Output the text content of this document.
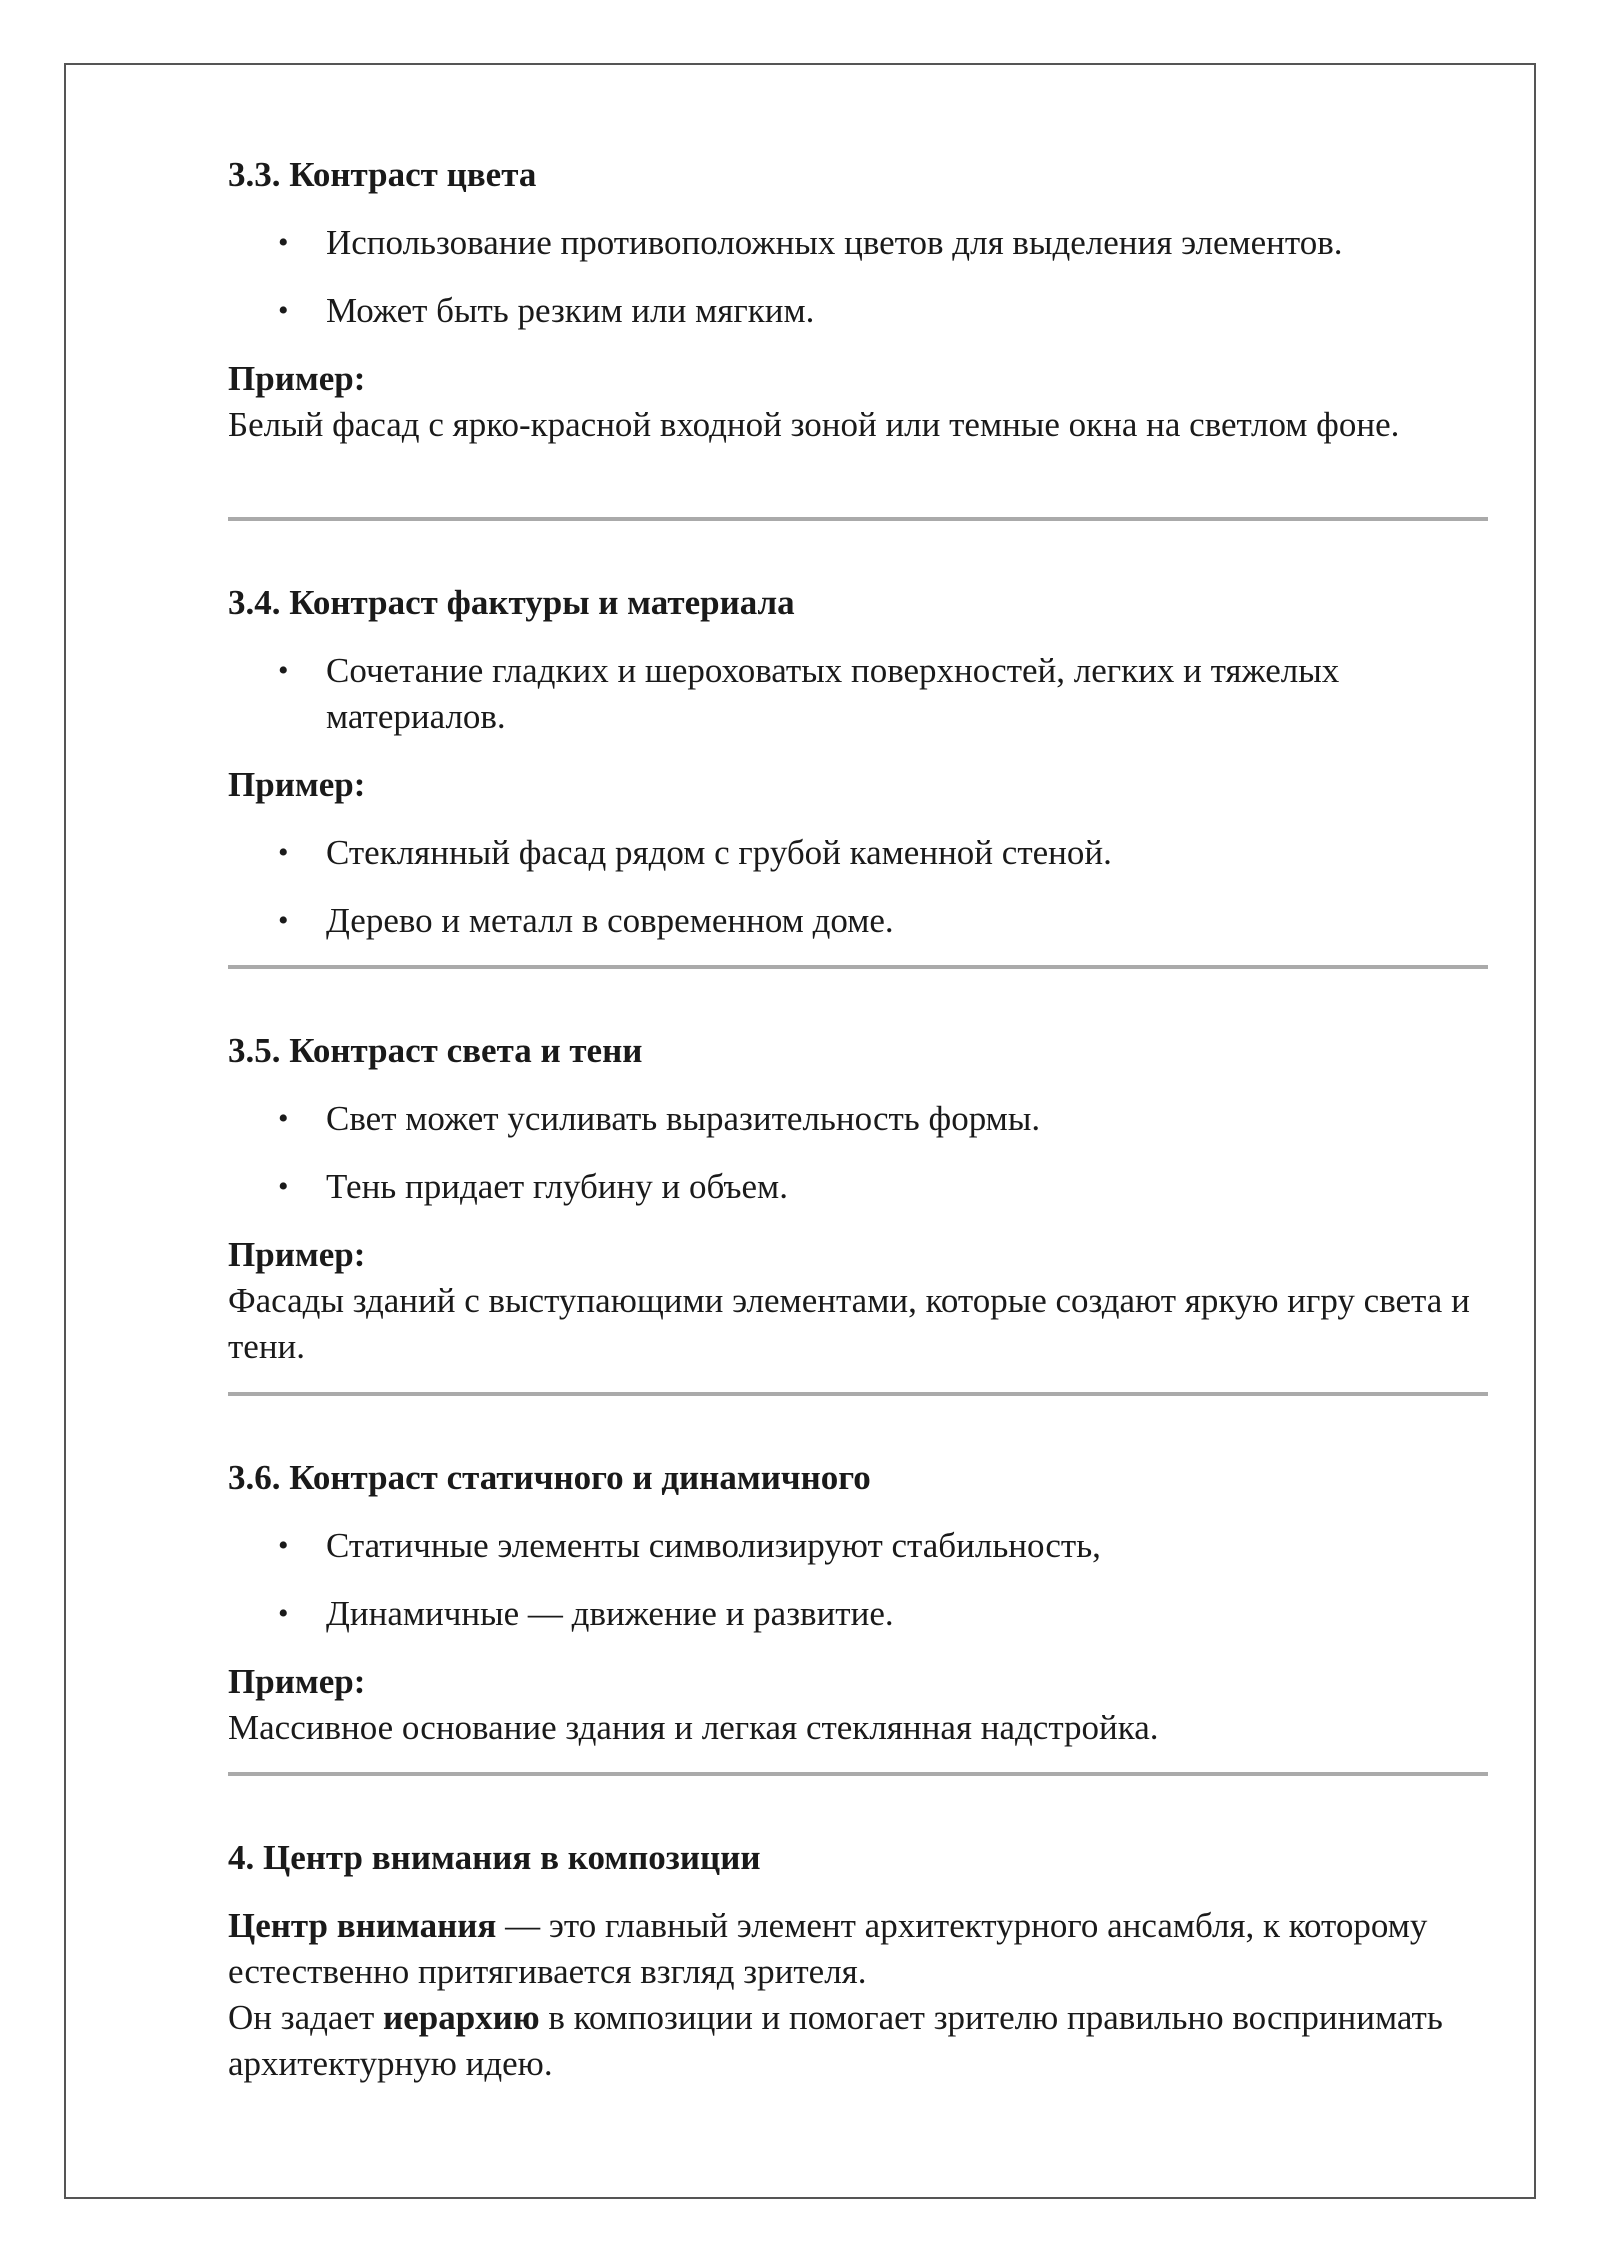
3.3. Контраст цвета
• Использование противоположных цветов для выделения элементов.
• Может быть резким или мягким.
Пример:

Белый фасад с ярко-красной входной зоной или темные окна на светлом фоне.

3.4. Контраст фактуры и материала
• Сочетание гладких и шероховатых поверхностей, легких и тяжелых материалов.
Пример:
• Стеклянный фасад рядом с грубой каменной стеной.
• Дерево и металл в современном доме.
3.5. Контраст света и тени
• Свет может усиливать выразительность формы.
• Тень придает глубину и объем.
Пример:

Фасады зданий с выступающими элементами, которые создают яркую игру света и тени.

3.6. Контраст статичного и динамичного
• Статичные элементы символизируют стабильность,
• Динамичные — движение и развитие.
Пример:

Массивное основание здания и легкая стеклянная надстройка.

4. Центр внимания в композиции

Центр внимания — это главный элемент архитектурного ансамбля, к которому естественно притягивается взгляд зрителя.

Он задает иерархию в композиции и помогает зрителю правильно воспринимать архитектурную идею.
